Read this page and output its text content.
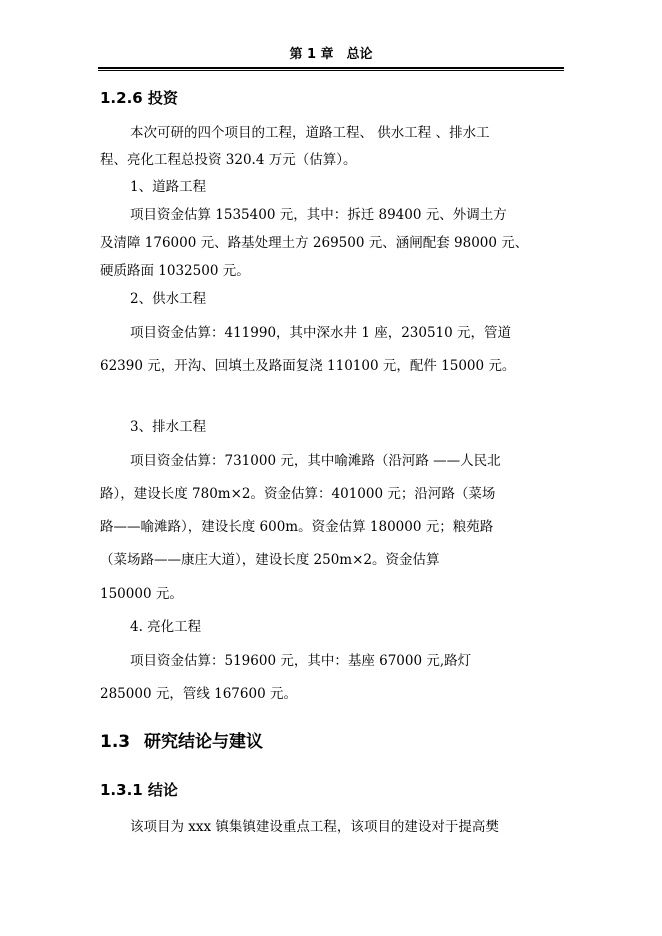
第 1 章　总论
1.2.6 投资
本次可研的四个项目的工程，道路工程、 供水工程 、排水工
程、亮化工程总投资 320.4 万元（估算）。
1、道路工程
项目资金估算 1535400 元，其中：拆迁 89400 元、外调土方
及清障 176000 元、路基处理土方 269500 元、涵闸配套 98000 元、
硬质路面 1032500 元。
2、供水工程
项目资金估算：411990，其中深水井 1 座，230510 元，管道
62390 元，开沟、回填土及路面复浇 110100 元，配件 15000 元。
3、排水工程
项目资金估算：731000 元，其中喻滩路（沿河路 ——人民北
路），建设长度 780m×2。资金估算：401000 元；沿河路（菜场
路——喻滩路），建设长度 600m。资金估算 180000 元；粮苑路
（菜场路——康庄大道），建设长度 250m×2。资金估算
150000 元。
4. 亮化工程
项目资金估算：519600 元，其中：基座 67000 元,路灯
285000 元，管线 167600 元。
1.3 研究结论与建议
1.3.1 结论
该项目为 xxx 镇集镇建设重点工程，该项目的建设对于提高樊
